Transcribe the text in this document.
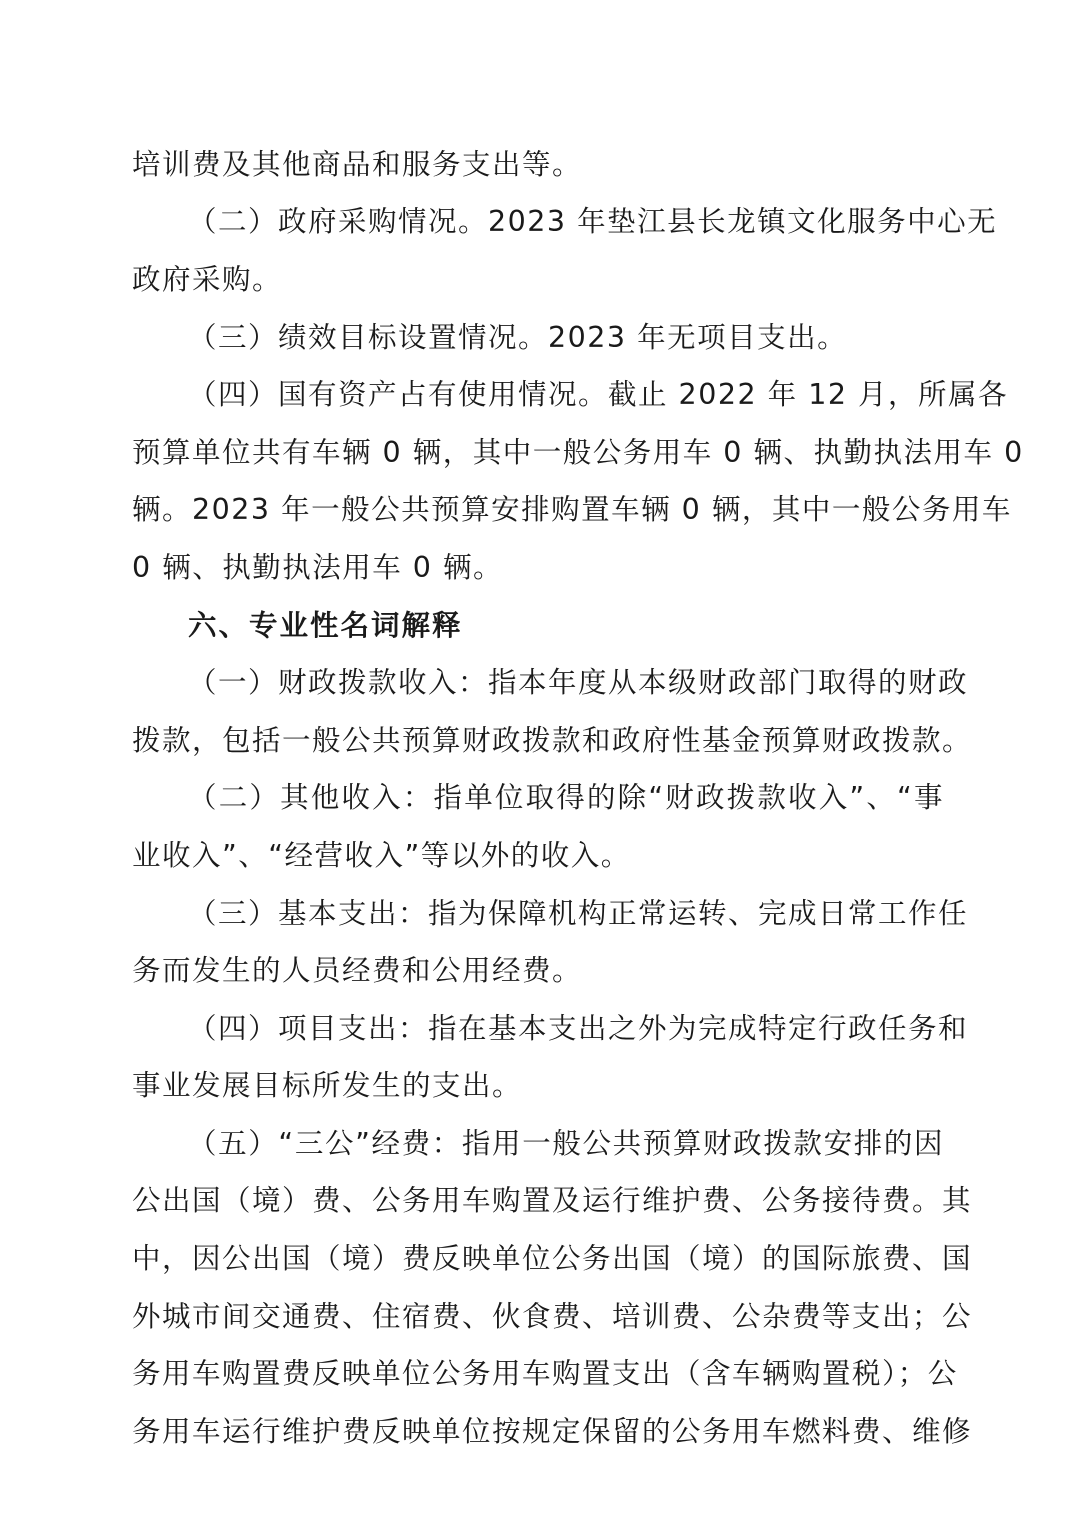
培训费及其他商品和服务支出等。
（二）政府采购情况。2023 年垫江县长龙镇文化服务中心无
政府采购。
（三）绩效目标设置情况。2023 年无项目支出。
（四）国有资产占有使用情况。截止 2022 年 12 月，所属各
预算单位共有车辆 0 辆，其中一般公务用车 0 辆、执勤执法用车 0
辆。2023 年一般公共预算安排购置车辆 0 辆，其中一般公务用车
0 辆、执勤执法用车 0 辆。
六、专业性名词解释
（一）财政拨款收入：指本年度从本级财政部门取得的财政
拨款，包括一般公共预算财政拨款和政府性基金预算财政拨款。
（二）其他收入：指单位取得的除“财政拨款收入”、“事
业收入”、“经营收入”等以外的收入。
（三）基本支出：指为保障机构正常运转、完成日常工作任
务而发生的人员经费和公用经费。
（四）项目支出：指在基本支出之外为完成特定行政任务和
事业发展目标所发生的支出。
（五）“三公”经费：指用一般公共预算财政拨款安排的因
公出国（境）费、公务用车购置及运行维护费、公务接待费。其
中，因公出国（境）费反映单位公务出国（境）的国际旅费、国
外城市间交通费、住宿费、伙食费、培训费、公杂费等支出；公
务用车购置费反映单位公务用车购置支出（含车辆购置税）；公
务用车运行维护费反映单位按规定保留的公务用车燃料费、维修
